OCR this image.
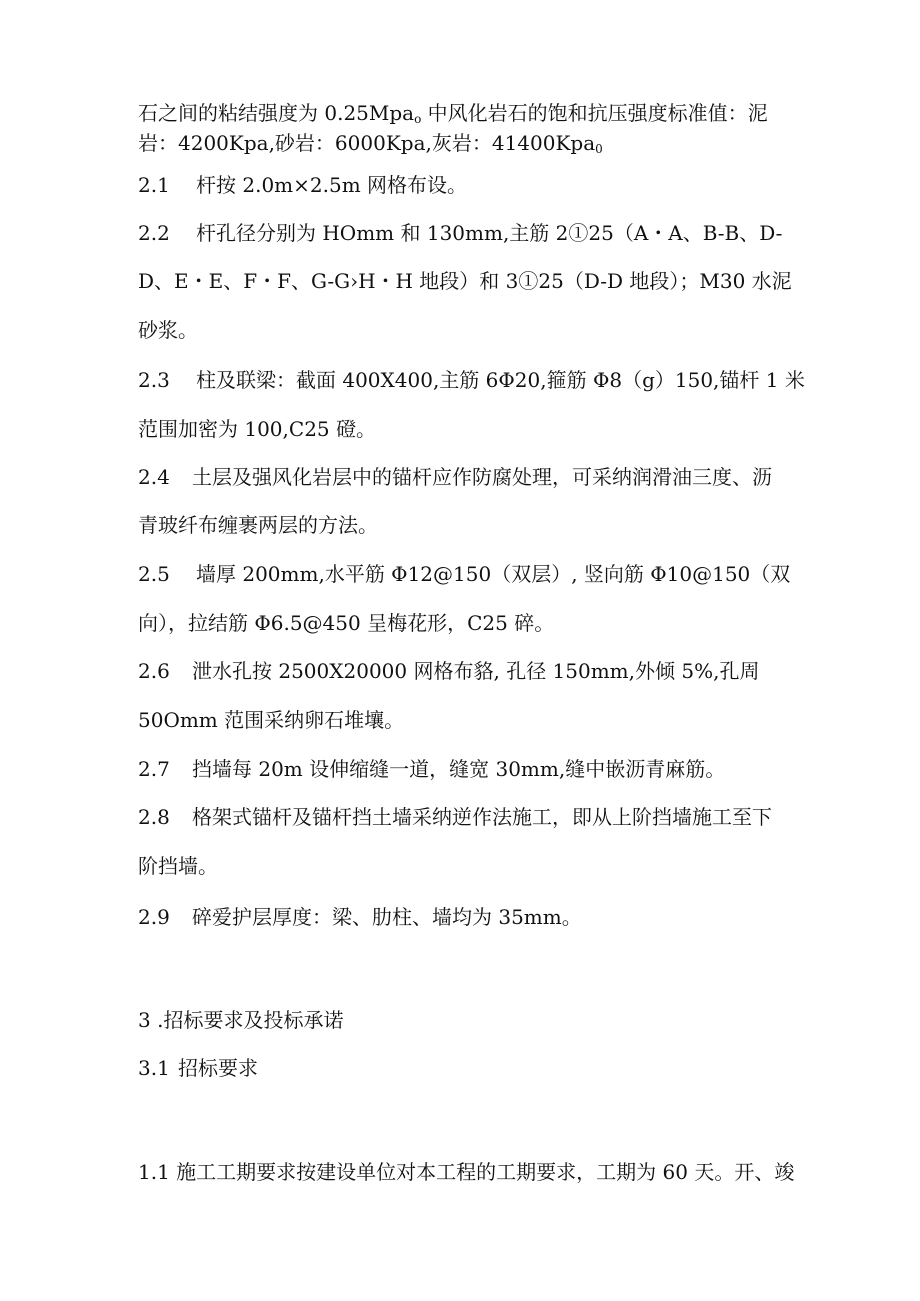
石之间的粘结强度为 0.25Mpa$_o$ 中风化岩石的饱和抗压强度标准值：泥
岩：4200Kpa,砂岩：6000Kpa,灰岩：41400Kpa$_0$
2.1 杆按 2.0m×2.5m 网格布设。
2.2 杆孔径分别为 HOmm 和 130mm,主筋 2①25（A・A、B-B、D-
D、E・E、F・F、G-G›H・H 地段）和 3①25（D-D 地段）；M30 水泥
砂浆。
2.3 柱及联梁：截面 400X400,主筋 6Φ20,箍筋 Φ8（g）150,锚杆 1 米
范围加密为 100,C25 磴。
2.4 土层及强风化岩层中的锚杆应作防腐处理，可采纳润滑油三度、沥
青玻纤布缠裹两层的方法。
2.5 墙厚 200mm,水平筋 Φ12@150（双层）, 竖向筋 Φ10@150（双
向），拉结筋 Φ6.5@450 呈梅花形，C25 碎。
2.6 泄水孔按 2500X20000 网格布貉, 孔径 150mm,外倾 5%,孔周
50Omm 范围采纳卵石堆壤。
2.7 挡墙每 20m 设伸缩缝一道，缝宽 30mm,缝中嵌沥青麻筋。
2.8 格架式锚杆及锚杆挡土墙采纳逆作法施工，即从上阶挡墙施工至下
阶挡墙。
2.9 碎爱护层厚度：梁、肋柱、墙均为 35mm。
3 .招标要求及投标承诺
3.1 招标要求
1.1 施工工期要求按建设单位对本工程的工期要求，工期为 60 天。开、竣
